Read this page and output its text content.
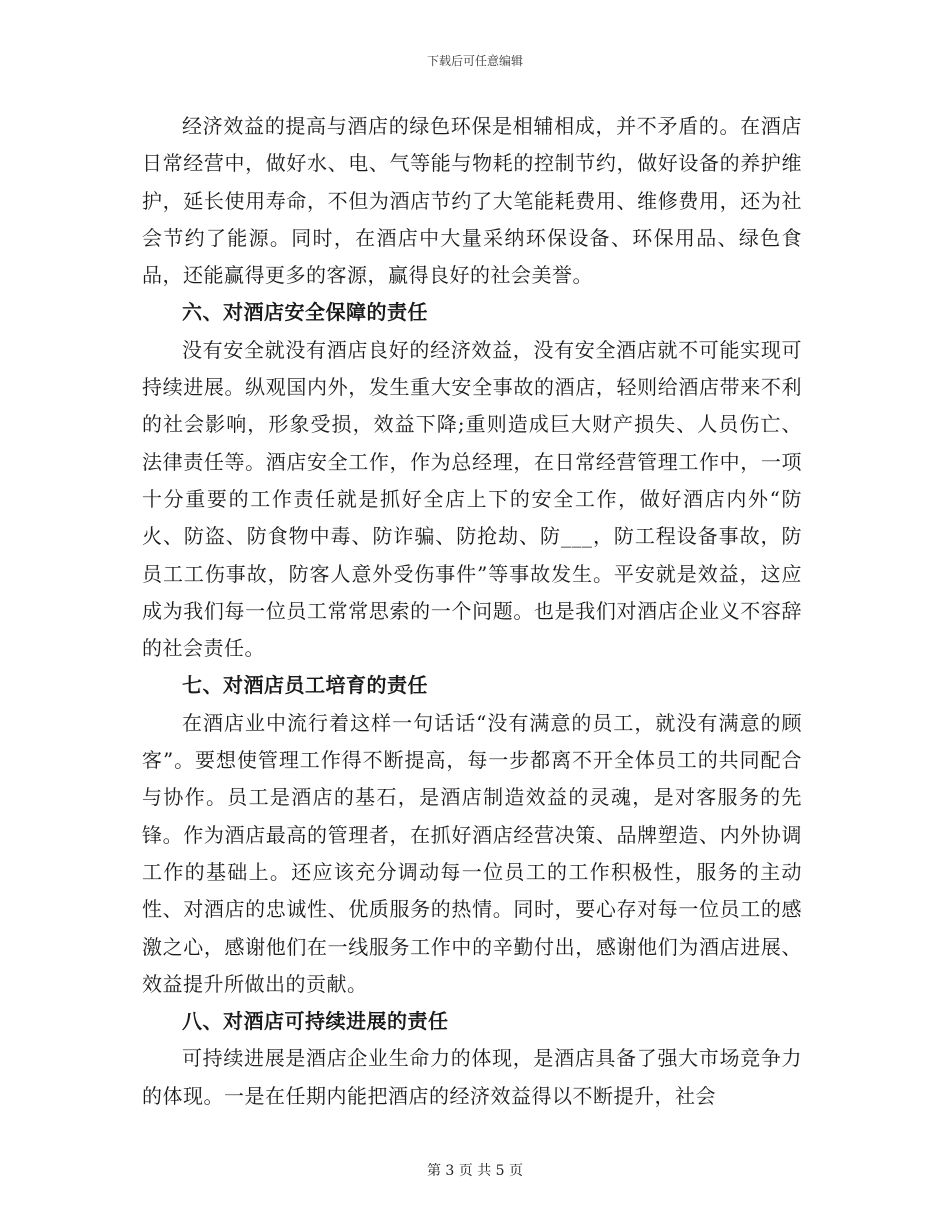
下载后可任意编辑

经济效益的提高与酒店的绿色环保是相辅相成，并不矛盾的。在酒店日常经营中，做好水、电、气等能与物耗的控制节约，做好设备的养护维护，延长使用寿命，不但为酒店节约了大笔能耗费用、维修费用，还为社会节约了能源。同时，在酒店中大量采纳环保设备、环保用品、绿色食品，还能赢得更多的客源，赢得良好的社会美誉。

六、对酒店安全保障的责任

没有安全就没有酒店良好的经济效益，没有安全酒店就不可能实现可持续进展。纵观国内外，发生重大安全事故的酒店，轻则给酒店带来不利的社会影响，形象受损，效益下降;重则造成巨大财产损失、人员伤亡、法律责任等。酒店安全工作，作为总经理，在日常经营管理工作中，一项十分重要的工作责任就是抓好全店上下的安全工作，做好酒店内外“防火、防盗、防食物中毒、防诈骗、防抢劫、防___，防工程设备事故，防员工工伤事故，防客人意外受伤事件”等事故发生。平安就是效益，这应成为我们每一位员工常常思索的一个问题。也是我们对酒店企业义不容辞的社会责任。

七、对酒店员工培育的责任

在酒店业中流行着这样一句话话“没有满意的员工，就没有满意的顾客”。要想使管理工作得不断提高，每一步都离不开全体员工的共同配合与协作。员工是酒店的基石，是酒店制造效益的灵魂，是对客服务的先锋。作为酒店最高的管理者，在抓好酒店经营决策、品牌塑造、内外协调工作的基础上。还应该充分调动每一位员工的工作积极性，服务的主动性、对酒店的忠诚性、优质服务的热情。同时，要心存对每一位员工的感激之心，感谢他们在一线服务工作中的辛勤付出，感谢他们为酒店进展、效益提升所做出的贡献。

八、对酒店可持续进展的责任

可持续进展是酒店企业生命力的体现，是酒店具备了强大市场竞争力的体现。一是在任期内能把酒店的经济效益得以不断提升，社会

第 3 页 共 5 页
